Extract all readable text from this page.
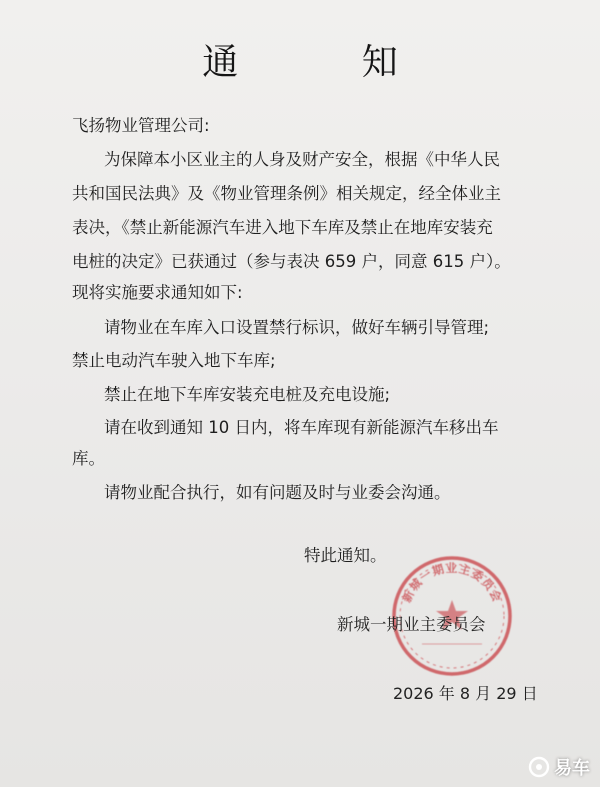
通 知
飞扬物业管理公司:
为保障本小区业主的人身及财产安全，根据《中华人民
共和国民法典》及《物业管理条例》相关规定，经全体业主
表决，《禁止新能源汽车进入地下车库及禁止在地库安装充
电桩的决定》已获通过（参与表决 659 户，同意 615 户）。
现将实施要求通知如下:
请物业在车库入口设置禁行标识，做好车辆引导管理;
禁止电动汽车驶入地下车库;
禁止在地下车库安装充电桩及充电设施;
请在收到通知 10 日内，将车库现有新能源汽车移出车
库。
请物业配合执行，如有问题及时与业委会沟通。
特此通知。
新城一期业主委员会
新城一期业主委员会
2026 年 8 月 29 日
易车
